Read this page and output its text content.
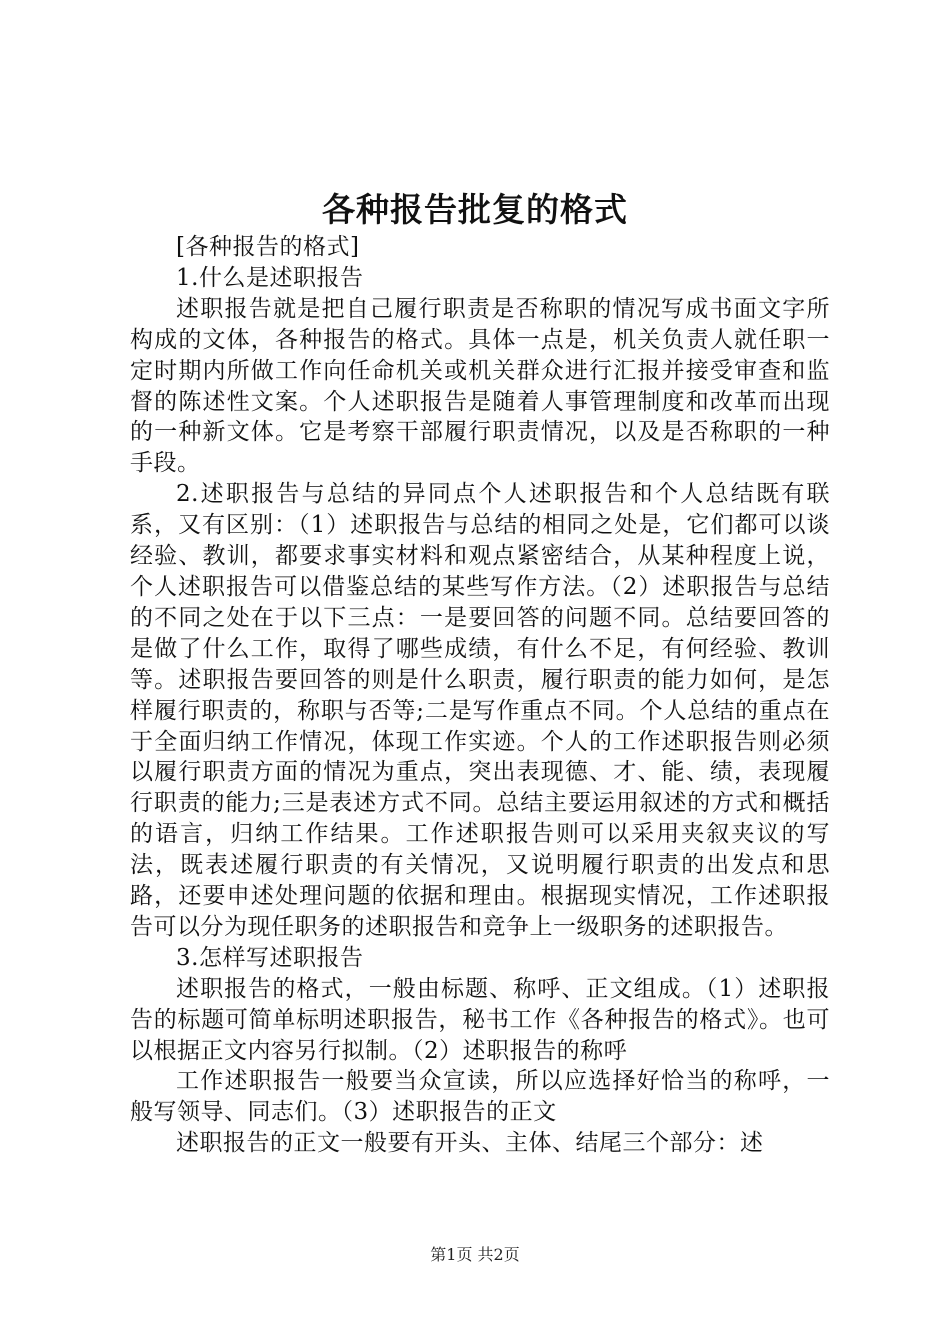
各种报告批复的格式

[各种报告的格式]

1.什么是述职报告

述职报告就是把自己履行职责是否称职的情况写成书面文字所构成的文体，各种报告的格式。具体一点是，机关负责人就任职一定时期内所做工作向任命机关或机关群众进行汇报并接受审查和监督的陈述性文案。个人述职报告是随着人事管理制度和改革而出现的一种新文体。它是考察干部履行职责情况，以及是否称职的一种手段。

2.述职报告与总结的异同点个人述职报告和个人总结既有联系，又有区别：（1）述职报告与总结的相同之处是，它们都可以谈经验、教训，都要求事实材料和观点紧密结合，从某种程度上说，个人述职报告可以借鉴总结的某些写作方法。（2）述职报告与总结的不同之处在于以下三点：一是要回答的问题不同。总结要回答的是做了什么工作，取得了哪些成绩，有什么不足，有何经验、教训等。述职报告要回答的则是什么职责，履行职责的能力如何，是怎样履行职责的，称职与否等;二是写作重点不同。个人总结的重点在于全面归纳工作情况，体现工作实迹。个人的工作述职报告则必须以履行职责方面的情况为重点，突出表现德、才、能、绩，表现履行职责的能力;三是表述方式不同。总结主要运用叙述的方式和概括的语言，归纳工作结果。工作述职报告则可以采用夹叙夹议的写法，既表述履行职责的有关情况，又说明履行职责的出发点和思路，还要申述处理问题的依据和理由。根据现实情况，工作述职报告可以分为现任职务的述职报告和竞争上一级职务的述职报告。

3.怎样写述职报告

述职报告的格式，一般由标题、称呼、正文组成。（1）述职报告的标题可简单标明述职报告，秘书工作《各种报告的格式》。也可以根据正文内容另行拟制。（2）述职报告的称呼

工作述职报告一般要当众宣读，所以应选择好恰当的称呼，一般写领导、同志们。（3）述职报告的正文

述职报告的正文一般要有开头、主体、结尾三个部分：述

第1页 共2页
